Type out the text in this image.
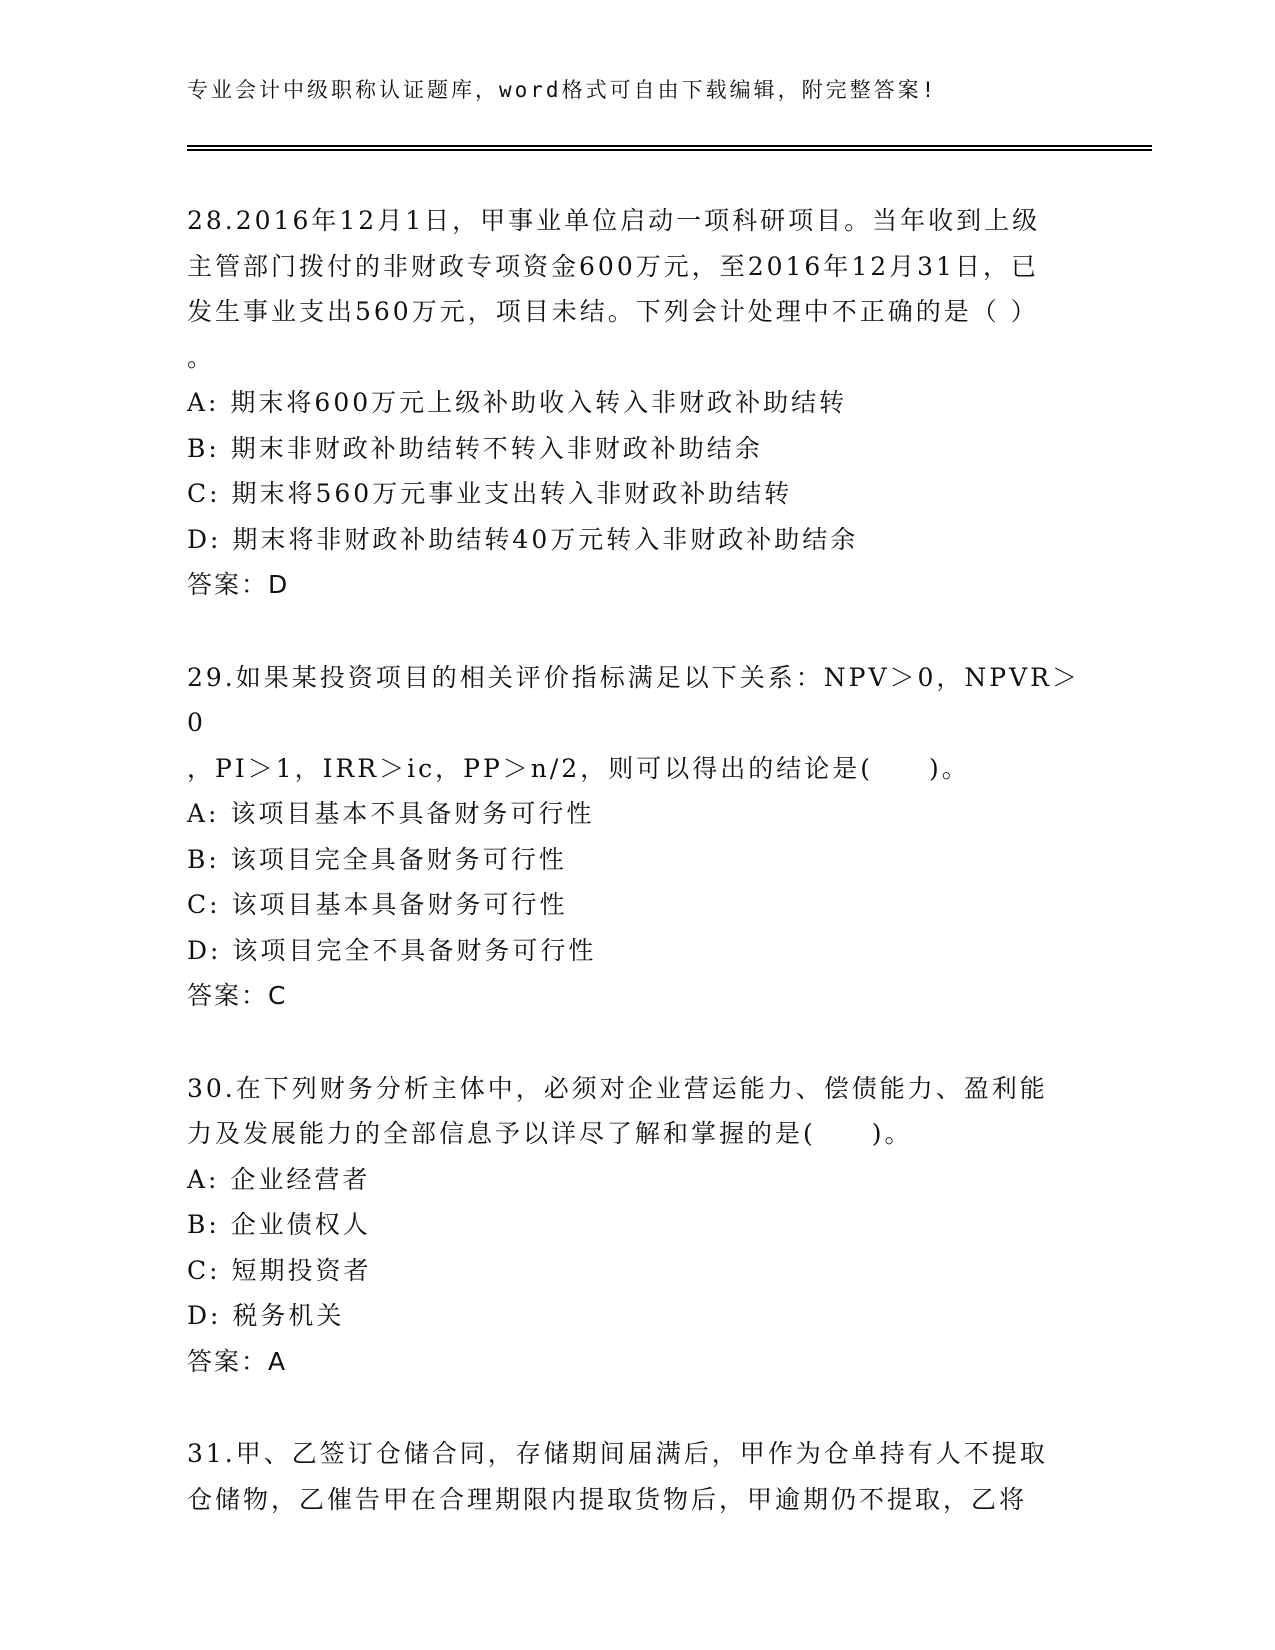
专业会计中级职称认证题库，word格式可自由下载编辑，附完整答案!

28.2016年12月1日，甲事业单位启动一项科研项目。当年收到上级

主管部门拨付的非财政专项资金600万元，至2016年12月31日，已

发生事业支出560万元，项目未结。下列会计处理中不正确的是（ ）

。

A: 期末将600万元上级补助收入转入非财政补助结转

B: 期末非财政补助结转不转入非财政补助结余

C: 期末将560万元事业支出转入非财政补助结转

D: 期末将非财政补助结转40万元转入非财政补助结余

答案：D

29.如果某投资项目的相关评价指标满足以下关系：NPV＞0，NPVR＞0

，PI＞1，IRR＞ic，PP＞n/2，则可以得出的结论是(　　)。

A: 该项目基本不具备财务可行性

B: 该项目完全具备财务可行性

C: 该项目基本具备财务可行性

D: 该项目完全不具备财务可行性

答案：C

30.在下列财务分析主体中，必须对企业营运能力、偿债能力、盈利能

力及发展能力的全部信息予以详尽了解和掌握的是(　　)。

A: 企业经营者

B: 企业债权人

C: 短期投资者

D: 税务机关

答案：A

31.甲、乙签订仓储合同，存储期间届满后，甲作为仓单持有人不提取

仓储物，乙催告甲在合理期限内提取货物后，甲逾期仍不提取，乙将
